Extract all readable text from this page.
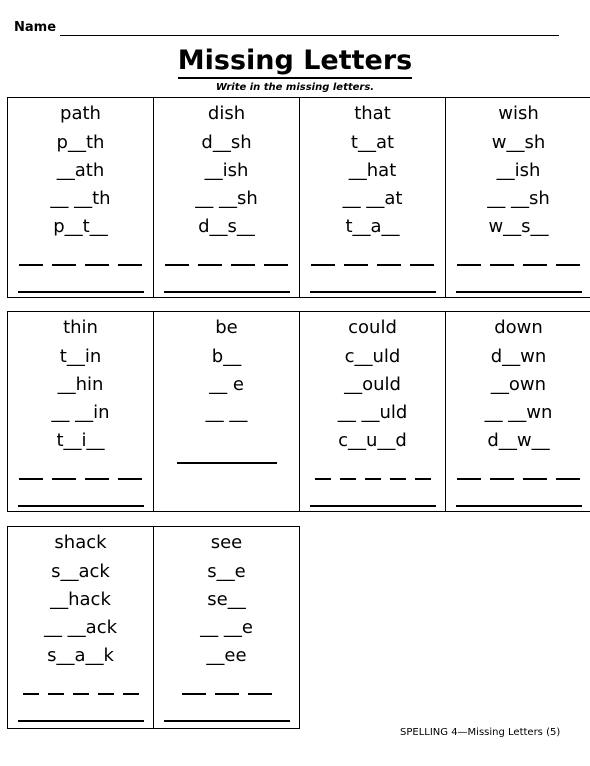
Name
Missing Letters
Write in the missing letters.
path
p__th
__ath
__ __th
p__t__
dish
d__sh
__ish
__ __sh
d__s__
that
t__at
__hat
__ __at
t__a__
wish
w__sh
__ish
__ __sh
w__s__
thin
t__in
__hin
__ __in
t__i__
be
b__
__ e
__ __
could
c__uld
__ould
__ __uld
c__u__d
down
d__wn
__own
__ __wn
d__w__
shack
s__ack
__hack
__ __ack
s__a__k
see
s__e
se__
__ __e
__ee
SPELLING 4—Missing Letters (5)
